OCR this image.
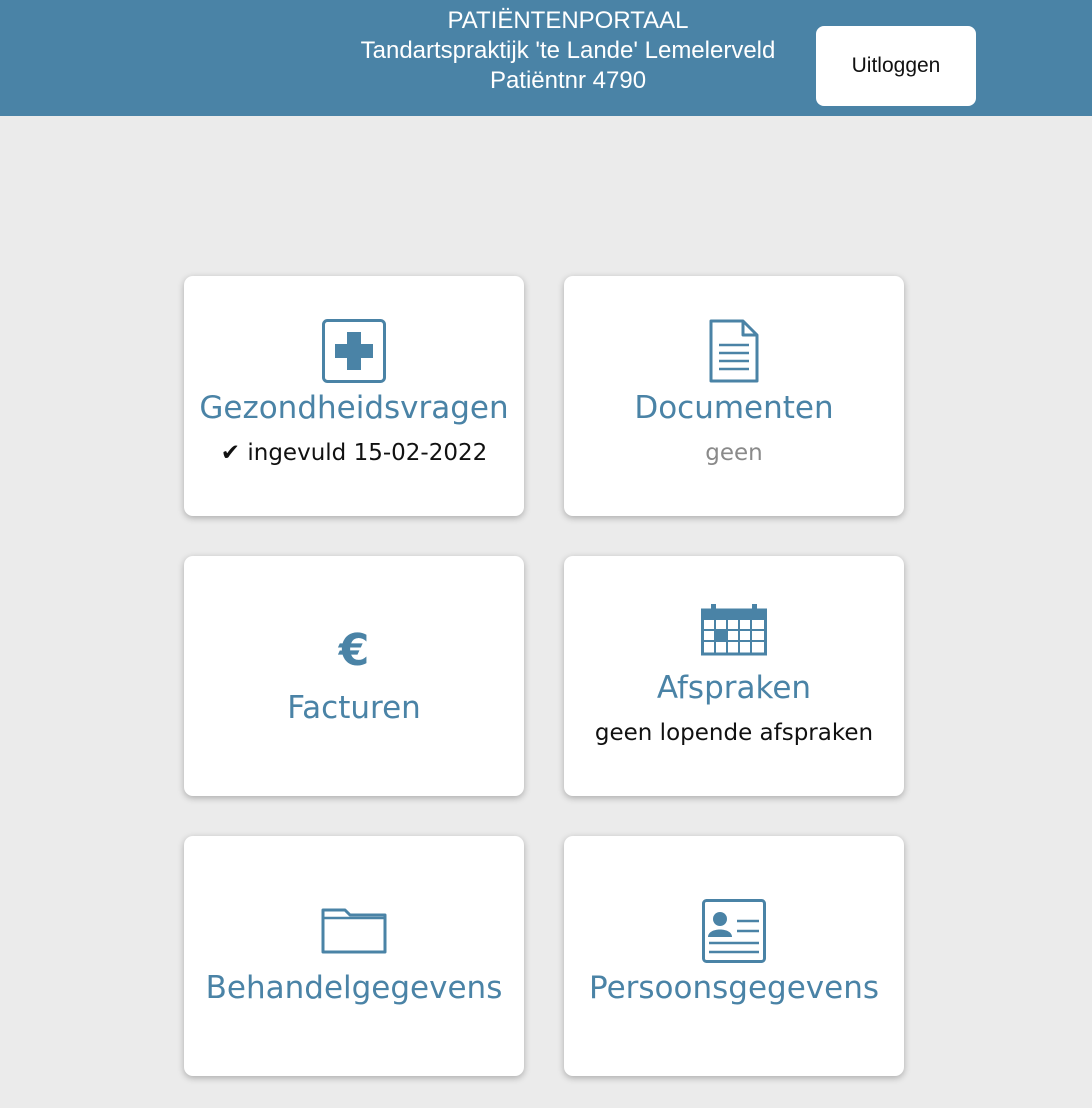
PATIËNTENPORTAAL
Tandartspraktijk 'te Lande' Lemelerveld
Patiëntnr 4790
Uitloggen
Gezondheidsvragen
✔ ingevuld 15-02-2022
Documenten
geen
€
Facturen
Afspraken
geen lopende afspraken
Behandelgegevens	Persoonsgegevens
